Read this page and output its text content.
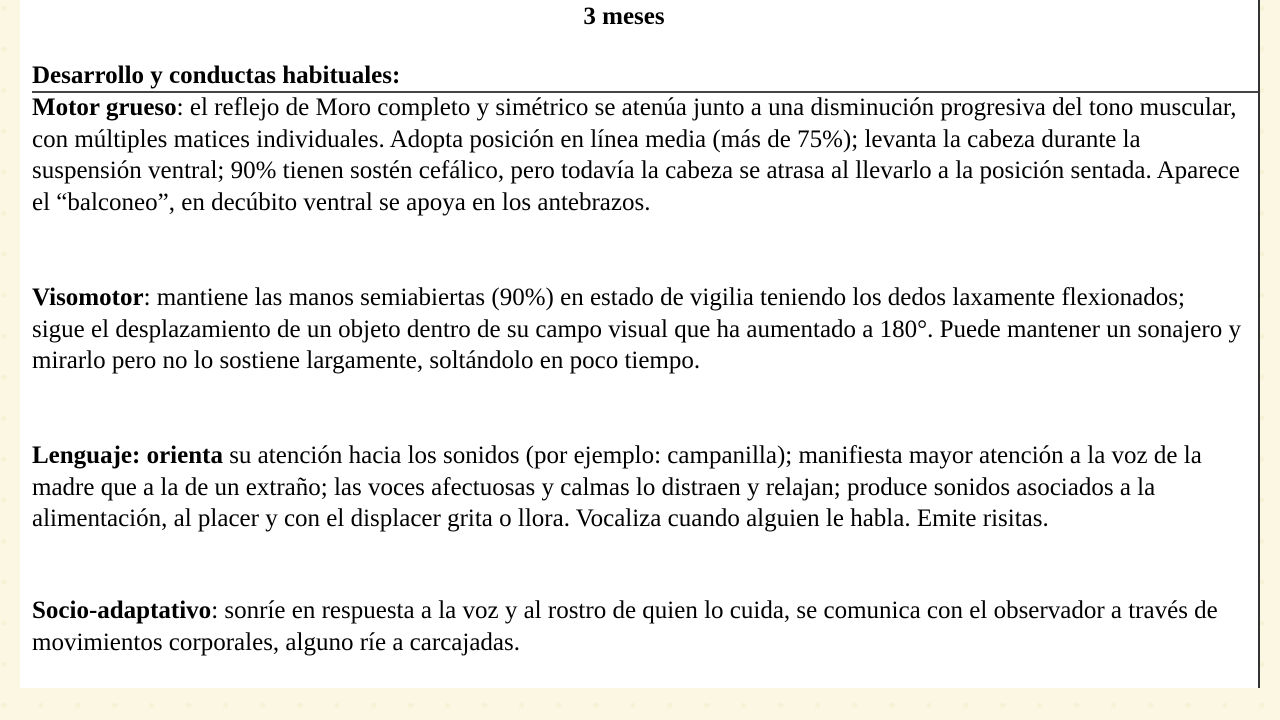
3 meses
Desarrollo y conductas habituales:

Motor grueso: el reflejo de Moro completo y simétrico se atenúa junto a una disminución progresiva del tono muscular, con múltiples matices individuales. Adopta posición en línea media (más de 75%); levanta la cabeza durante la suspensión ventral; 90% tienen sostén cefálico, pero todavía la cabeza se atrasa al llevarlo a la posición sentada. Aparece el “balconeo”, en decúbito ventral se apoya en los antebrazos.

Visomotor: mantiene las manos semiabiertas (90%) en estado de vigilia teniendo los dedos laxamente flexionados; sigue el desplazamiento de un objeto dentro de su campo visual que ha aumentado a 180°. Puede mantener un sonajero y mirarlo pero no lo sostiene largamente, soltándolo en poco tiempo.

Lenguaje: orienta su atención hacia los sonidos (por ejemplo: campanilla); manifiesta mayor atención a la voz de la madre que a la de un extraño; las voces afectuosas y calmas lo distraen y relajan; produce sonidos asociados a la alimentación, al placer y con el displacer grita o llora. Vocaliza cuando alguien le habla. Emite risitas.

Socio-adaptativo: sonríe en respuesta a la voz y al rostro de quien lo cuida, se comunica con el observador a través de movimientos corporales, alguno ríe a carcajadas.
